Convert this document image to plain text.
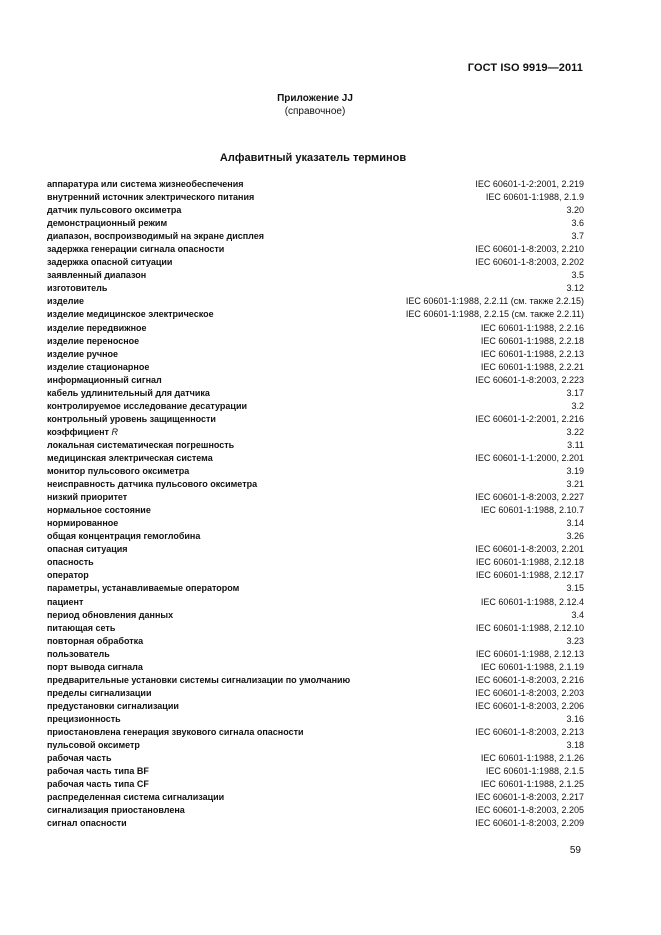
ГОСТ ISO 9919—2011
Приложение JJ
(справочное)
Алфавитный указатель терминов
аппаратура или система жизнеобеспечения	IEC 60601-1-2:2001, 2.219
внутренний источник электрического питания	IEC 60601-1:1988, 2.1.9
датчик пульсового оксиметра	3.20
демонстрационный режим	3.6
диапазон, воспроизводимый на экране дисплея	3.7
задержка генерации сигнала опасности	IEC 60601-1-8:2003, 2.210
задержка опасной ситуации	IEC 60601-1-8:2003, 2.202
заявленный диапазон	3.5
изготовитель	3.12
изделие	IEC 60601-1:1988, 2.2.11 (см. также 2.2.15)
изделие медицинское электрическое	IEC 60601-1:1988, 2.2.15 (см. также 2.2.11)
изделие передвижное	IEC 60601-1:1988, 2.2.16
изделие переносное	IEC 60601-1:1988, 2.2.18
изделие ручное	IEC 60601-1:1988, 2.2.13
изделие стационарное	IEC 60601-1:1988, 2.2.21
информационный сигнал	IEC 60601-1-8:2003, 2.223
кабель удлинительный для датчика	3.17
контролируемое исследование десатурации	3.2
контрольный уровень защищенности	IEC 60601-1-2:2001, 2.216
коэффициент R	3.22
локальная систематическая погрешность	3.11
медицинская электрическая система	IEC 60601-1-1:2000, 2.201
монитор пульсового оксиметра	3.19
неисправность датчика пульсового оксиметра	3.21
низкий приоритет	IEC 60601-1-8:2003, 2.227
нормальное состояние	IEC 60601-1:1988, 2.10.7
нормированное	3.14
общая концентрация гемоглобина	3.26
опасная ситуация	IEC 60601-1-8:2003, 2.201
опасность	IEC 60601-1:1988, 2.12.18
оператор	IEC 60601-1:1988, 2.12.17
параметры, устанавливаемые оператором	3.15
пациент	IEC 60601-1:1988, 2.12.4
период обновления данных	3.4
питающая сеть	IEC 60601-1:1988, 2.12.10
повторная обработка	3.23
пользователь	IEC 60601-1:1988, 2.12.13
порт вывода сигнала	IEC 60601-1:1988, 2.1.19
предварительные установки системы сигнализации по умолчанию	IEC 60601-1-8:2003, 2.216
пределы сигнализации	IEC 60601-1-8:2003, 2.203
предустановки сигнализации	IEC 60601-1-8:2003, 2.206
прецизионность	3.16
приостановлена генерация звукового сигнала опасности	IEC 60601-1-8:2003, 2.213
пульсовой оксиметр	3.18
рабочая часть	IEC 60601-1:1988, 2.1.26
рабочая часть типа BF	IEC 60601-1:1988, 2.1.5
рабочая часть типа CF	IEC 60601-1:1988, 2.1.25
распределенная система сигнализации	IEC 60601-1-8:2003, 2.217
сигнализация приостановлена	IEC 60601-1-8:2003, 2.205
сигнал опасности	IEC 60601-1-8:2003, 2.209
59
